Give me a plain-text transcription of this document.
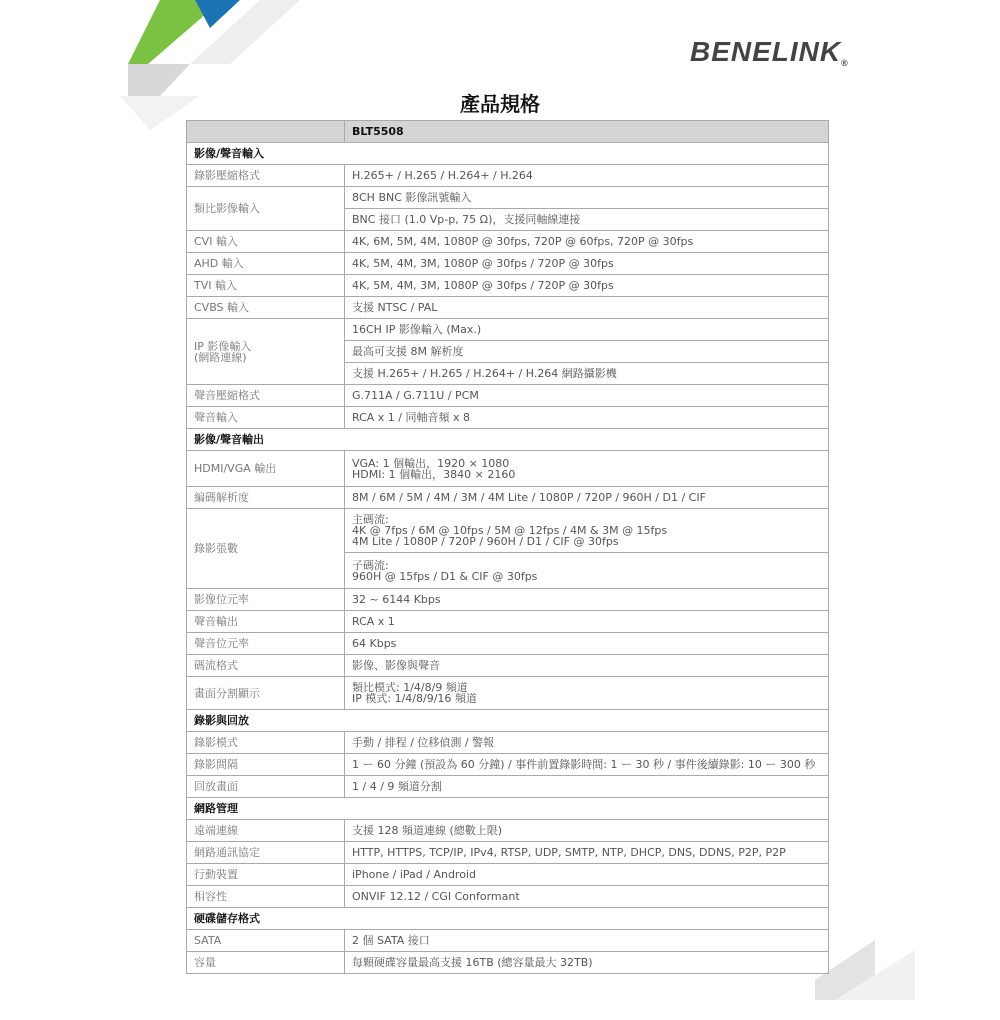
BENELINK®
產品規格
	BLT5508
影像/聲音輸入	
錄影壓縮格式	H.265+ / H.265 / H.264+ / H.264
類比影像輸入	8CH BNC 影像訊號輸入
	BNC 接口 (1.0 Vp-p, 75 Ω)，支援同軸線連接
CVI 輸入	4K, 6M, 5M, 4M, 1080P @ 30fps, 720P @ 60fps, 720P @ 30fps
AHD 輸入	4K, 5M, 4M, 3M, 1080P @ 30fps / 720P @ 30fps
TVI 輸入	4K, 5M, 4M, 3M, 1080P @ 30fps / 720P @ 30fps
CVBS 輸入	支援 NTSC / PAL
IP 影像輸入
(網路連線)	16CH IP 影像輸入 (Max.)
	最高可支援 8M 解析度
	支援 H.265+ / H.265 / H.264+ / H.264 網路攝影機
聲音壓縮格式	G.711A / G.711U / PCM
聲音輸入	RCA x 1 / 同軸音頻 x 8
影像/聲音輸出	
HDMI/VGA 輸出	VGA: 1 個輸出，1920 × 1080
HDMI: 1 個輸出，3840 × 2160
編碼解析度	8M / 6M / 5M / 4M / 3M / 4M Lite / 1080P / 720P / 960H / D1 / CIF
錄影張數	主碼流:
4K @ 7fps / 6M @ 10fps / 5M @ 12fps / 4M & 3M @ 15fps
4M Lite / 1080P / 720P / 960H / D1 / CIF @ 30fps
	子碼流:
960H @ 15fps / D1 & CIF @ 30fps
影像位元率	32 ~ 6144 Kbps
聲音輸出	RCA x 1
聲音位元率	64 Kbps
碼流格式	影像、影像與聲音
畫面分割顯示	類比模式: 1/4/8/9 頻道
IP 模式: 1/4/8/9/16 頻道
錄影與回放	
錄影模式	手動 / 排程 / 位移偵測 / 警報
錄影間隔	1 ー 60 分鐘 (預設為 60 分鐘) / 事件前置錄影時間: 1 ー 30 秒 / 事件後續錄影: 10 ー 300 秒
回放畫面	1 / 4 / 9 頻道分割
網路管理	
遠端連線	支援 128 頻道連線 (總數上限)
網路通訊協定	HTTP, HTTPS, TCP/IP, IPv4, RTSP, UDP, SMTP, NTP, DHCP, DNS, DDNS, P2P, P2P
行動裝置	iPhone / iPad / Android
相容性	ONVIF 12.12 / CGI Conformant
硬碟儲存格式	
SATA	2 個 SATA 接口
容量	每顆硬碟容量最高支援 16TB (總容量最大 32TB)
